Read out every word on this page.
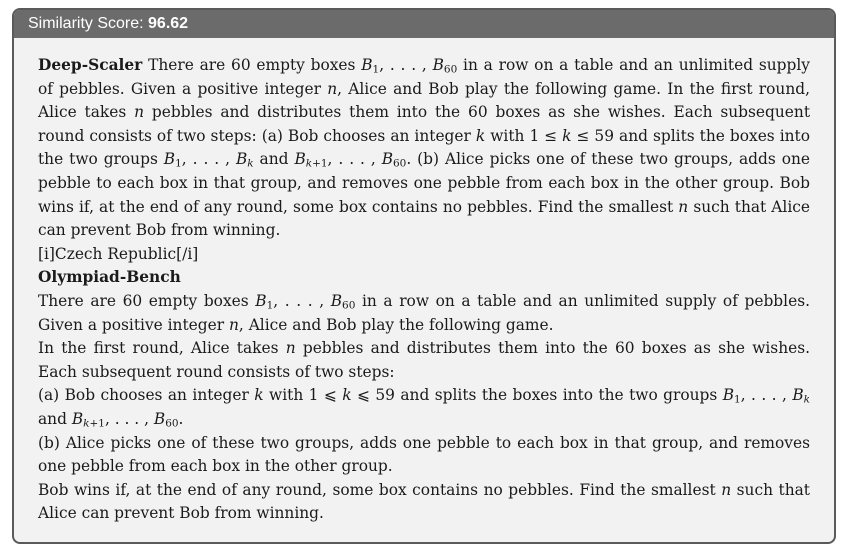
Similarity Score: 96.62

Deep-Scaler There are 60 empty boxes $B_1$, . . . , $B_{60}$ in a row on a table and an unlimited supply of pebbles. Given a positive integer n, Alice and Bob play the following game. In the first round, Alice takes n pebbles and distributes them into the 60 boxes as she wishes. Each subsequent round consists of two steps: (a) Bob chooses an integer k with 1 ≤ k ≤ 59 and splits the boxes into the two groups $B_1$, . . . , $B_k$ and $B_{k+1}$, . . . , $B_{60}$. (b) Alice picks one of these two groups, adds one pebble to each box in that group, and removes one pebble from each box in the other group. Bob wins if, at the end of any round, some box contains no pebbles. Find the smallest n such that Alice can prevent Bob from winning.

[i]Czech Republic[/i]

Olympiad-Bench

There are 60 empty boxes $B_1$, . . . , $B_{60}$ in a row on a table and an unlimited supply of pebbles. Given a positive integer n, Alice and Bob play the following game.

In the first round, Alice takes n pebbles and distributes them into the 60 boxes as she wishes. Each subsequent round consists of two steps:

(a) Bob chooses an integer k with 1 ⩽ k ⩽ 59 and splits the boxes into the two groups $B_1$, . . . , $B_k$ and $B_{k+1}$, . . . , $B_{60}$.

(b) Alice picks one of these two groups, adds one pebble to each box in that group, and removes one pebble from each box in the other group.

Bob wins if, at the end of any round, some box contains no pebbles. Find the smallest n such that Alice can prevent Bob from winning.
